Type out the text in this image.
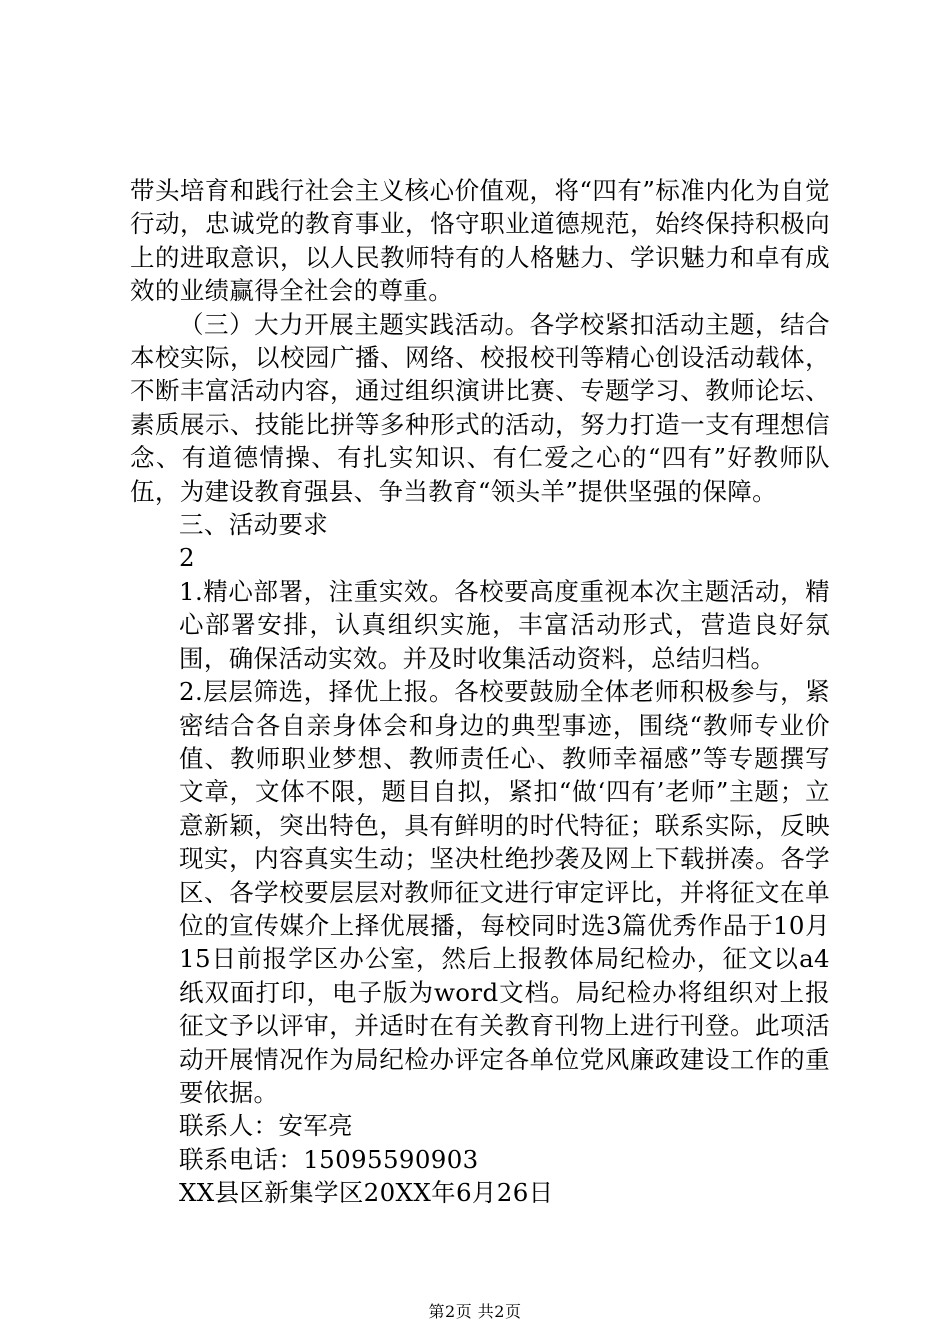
带头培育和践行社会主义核心价值观，将“四有”标准内化为自觉行动，忠诚党的教育事业，恪守职业道德规范，始终保持积极向上的进取意识，以人民教师特有的人格魅力、学识魅力和卓有成效的业绩赢得全社会的尊重。

（三）大力开展主题实践活动。各学校紧扣活动主题，结合本校实际，以校园广播、网络、校报校刊等精心创设活动载体，不断丰富活动内容，通过组织演讲比赛、专题学习、教师论坛、素质展示、技能比拼等多种形式的活动，努力打造一支有理想信念、有道德情操、有扎实知识、有仁爱之心的“四有”好教师队伍，为建设教育强县、争当教育“领头羊”提供坚强的保障。

三、活动要求

2

1.精心部署，注重实效。各校要高度重视本次主题活动，精心部署安排，认真组织实施，丰富活动形式，营造良好氛围，确保活动实效。并及时收集活动资料，总结归档。

2.层层筛选，择优上报。各校要鼓励全体老师积极参与，紧密结合各自亲身体会和身边的典型事迹，围绕“教师专业价值、教师职业梦想、教师责任心、教师幸福感”等专题撰写文章，文体不限，题目自拟，紧扣“做‘四有’老师”主题；立意新颖，突出特色，具有鲜明的时代特征；联系实际，反映现实，内容真实生动；坚决杜绝抄袭及网上下载拼凑。各学区、各学校要层层对教师征文进行审定评比，并将征文在单位的宣传媒介上择优展播，每校同时选3篇优秀作品于10月15日前报学区办公室，然后上报教体局纪检办，征文以a4纸双面打印，电子版为word文档。局纪检办将组织对上报征文予以评审，并适时在有关教育刊物上进行刊登。此项活动开展情况作为局纪检办评定各单位党风廉政建设工作的重要依据。

联系人：安军亮

联系电话：15095590903

XX县区新集学区20XX年6月26日

第2页 共2页
